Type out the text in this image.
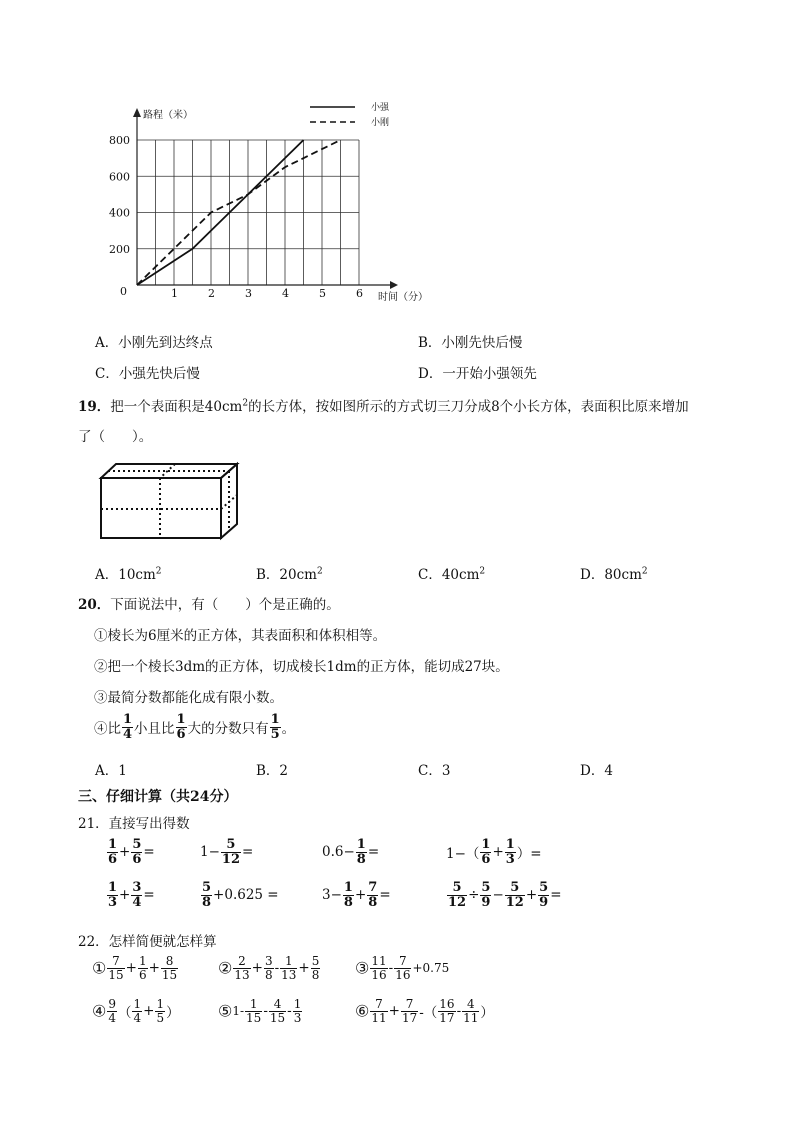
路程（米）
时间（分）
0	1	2	3	4	5	6
200
400
600
800
小强
小刚
A．小刚先到达终点	B．小刚先快后慢
C．小强先快后慢	D．一开始小强领先
19．把一个表面积是$40cm^2$的长方体，按如图所示的方式切三刀分成8个小长方体，表面积比原来增加
了（　　）。
A．$10cm^2$	B．$20cm^2$	C．$40cm^2$	D．$80cm^2$
20．下面说法中，有（　　）个是正确的。
①棱长为6厘米的正方体，其表面积和体积相等。
②把一个棱长3dm的正方体，切成棱长1dm的正方体，能切成27块。
③最简分数都能化成有限小数。
④比 $\frac{1}{4}$ 小且比 $\frac{1}{6}$ 大的分数只有 $\frac{1}{5}$ 。
A．1	B．2	C．3	D．4
三、仔细计算（共24分）
21．直接写出得数
$\frac{1}{6} + \frac{5}{6}$ =	$1- \frac{5}{12}$ =	$0.6- \frac{1}{8}$ =	$1-( \frac{1}{6} + \frac{1}{3}$ ）=
$\frac{1}{3} + \frac{3}{4}$ =	$\frac{5}{8} +0.625$ =	$3- \frac{1}{8} + \frac{7}{8}$ =	$\frac{5}{12} \div \frac{5}{9} - \frac{5}{12} + \frac{5}{9}$ =
22．怎样简便就怎样算
① $\frac{7}{15} + \frac{1}{6} + \frac{8}{15}$ ② $\frac{2}{13} + \frac{3}{8} - \frac{1}{13} + \frac{5}{8}$ ③ $\frac{11}{16} - \frac{7}{16} +0.75$
④ $\frac{9}{4}$ （ $\frac{1}{4} + \frac{1}{5}$ ） ⑤1- $\frac{1}{15} - \frac{4}{15} - \frac{1}{3}$	⑥ $\frac{7}{11} + \frac{7}{17}$ -（ $\frac{16}{17} - \frac{4}{11}$ ）
